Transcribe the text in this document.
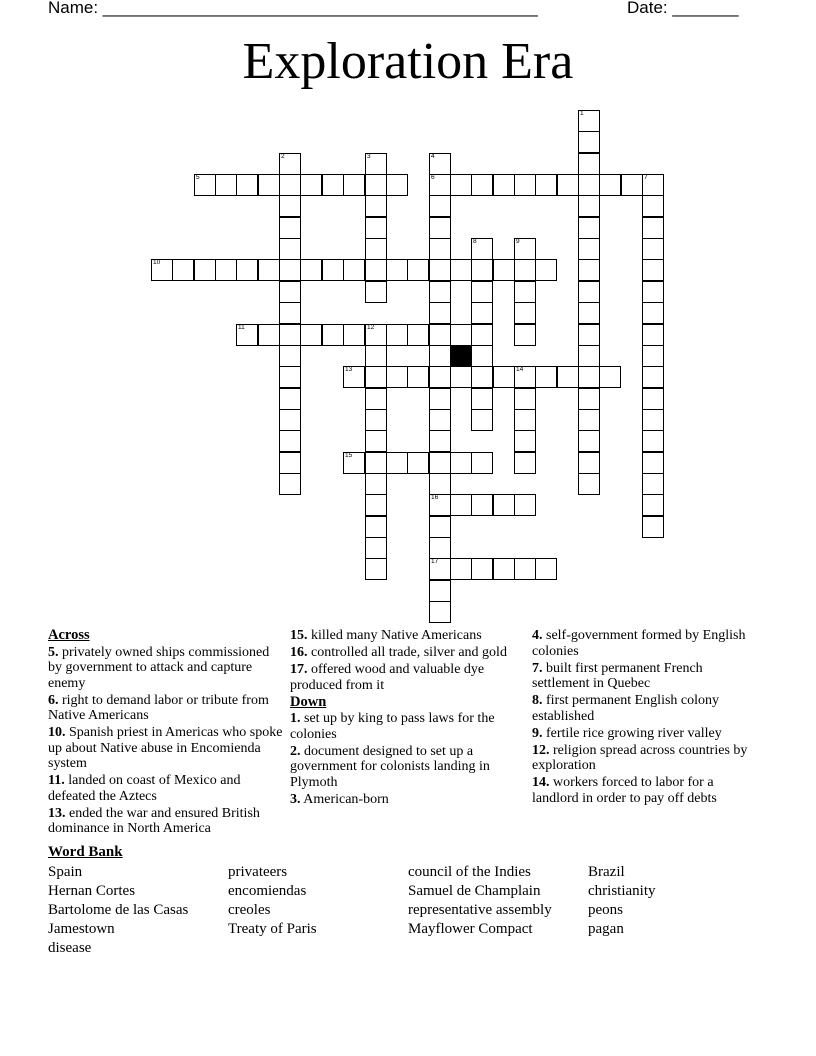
Name: ______________________________________________	Date: _______
Exploration Era
1
2	3	4
6
16
17
5	7
8	9
10
11	12
13	14
15
Across
5. privately owned ships commissioned by government to attack and capture enemy
6. right to demand labor or tribute from Native Americans
10. Spanish priest in Americas who spoke up about Native abuse in Encomienda system
11. landed on coast of Mexico and defeated the Aztecs
13. ended the war and ensured British dominance in North America
15. killed many Native Americans
16. controlled all trade, silver and gold
17. offered wood and valuable dye produced from it
Down
1. set up by king to pass laws for the colonies
2. document designed to set up a government for colonists landing in Plymoth
3. American-born
4. self-government formed by English colonies
7. built first permanent French settlement in Quebec
8. first permanent English colony established
9. fertile rice growing river valley
12. religion spread across countries by exploration
14. workers forced to labor for a landlord in order to pay off debts
Word Bank
Spain
Hernan Cortes
Bartolome de las Casas
Jamestown
disease
privateers
encomiendas
creoles
Treaty of Paris
council of the Indies
Samuel de Champlain
representative assembly
Mayflower Compact
Brazil
christianity
peons
pagan
